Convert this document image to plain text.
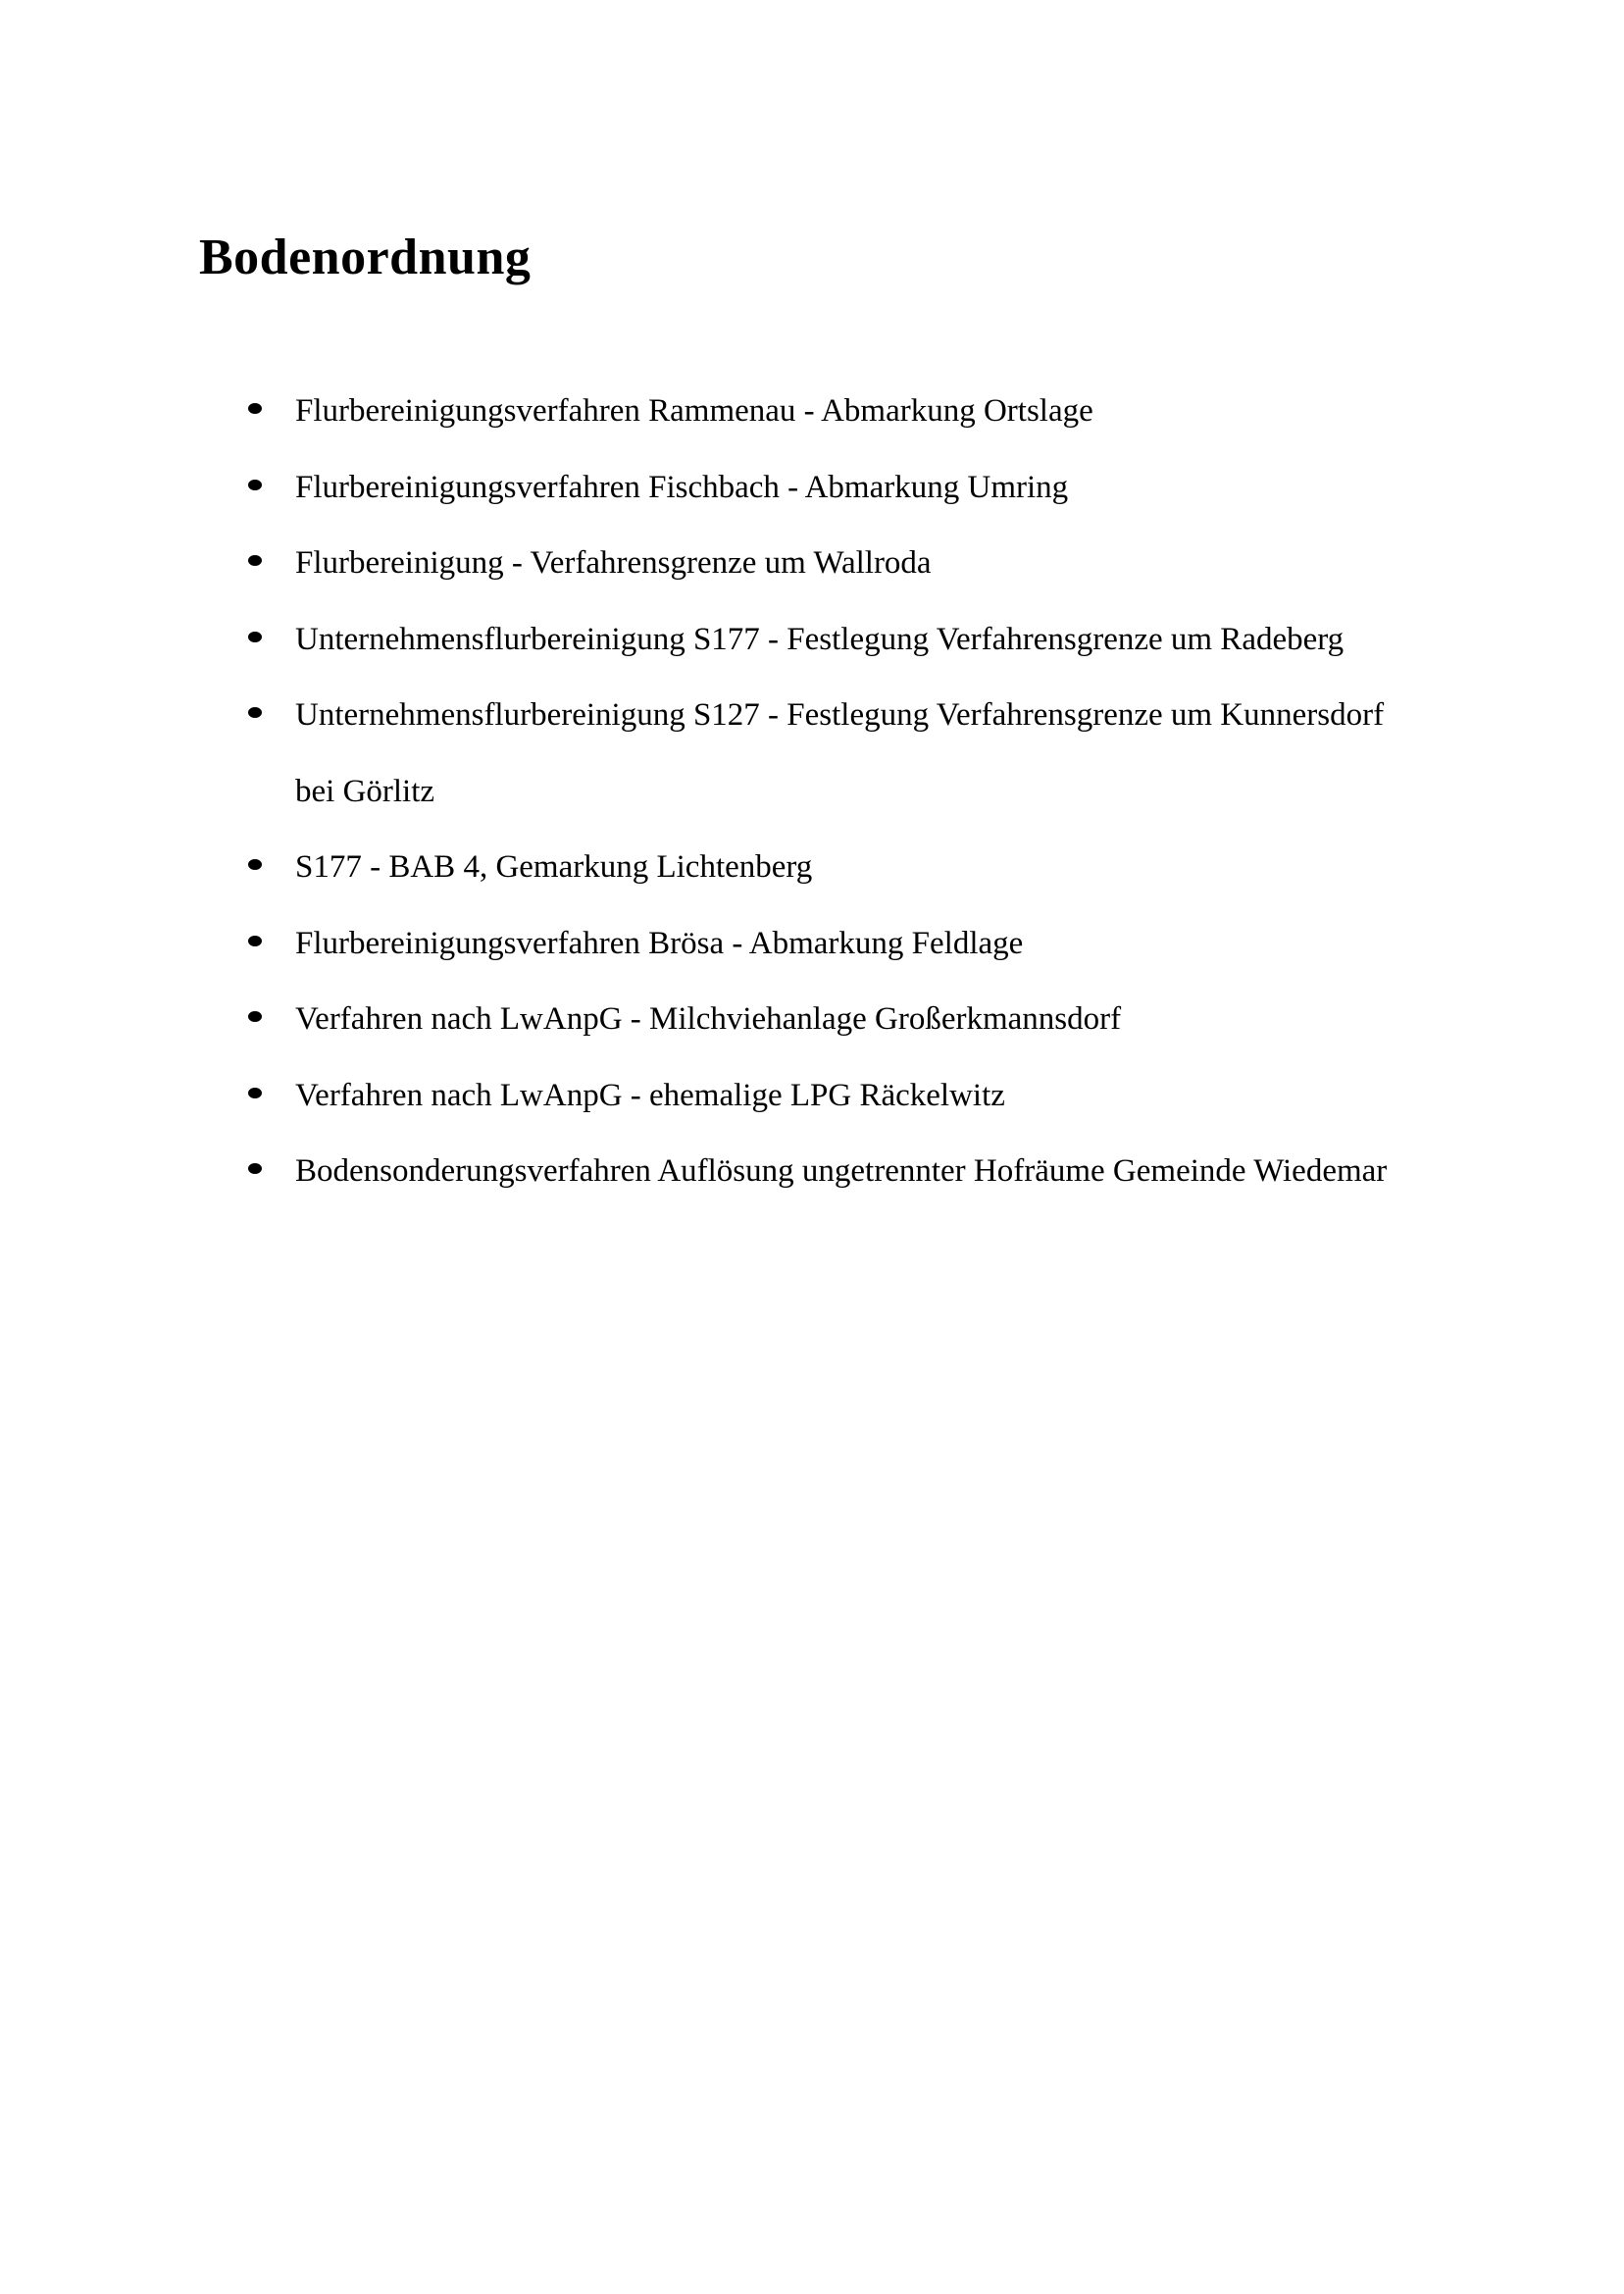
Bodenordnung
Flurbereinigungsverfahren Rammenau - Abmarkung Ortslage
Flurbereinigungsverfahren Fischbach - Abmarkung Umring
Flurbereinigung - Verfahrensgrenze um Wallroda
Unternehmensflurbereinigung S177 - Festlegung Verfahrensgrenze um Radeberg
Unternehmensflurbereinigung S127 - Festlegung Verfahrensgrenze um Kunnersdorf
bei Görlitz
S177 - BAB 4, Gemarkung Lichtenberg
Flurbereinigungsverfahren Brösa - Abmarkung Feldlage
Verfahren nach LwAnpG - Milchviehanlage Großerkmannsdorf
Verfahren nach LwAnpG - ehemalige LPG Räckelwitz
Bodensonderungsverfahren Auflösung ungetrennter Hofräume Gemeinde Wiedemar
